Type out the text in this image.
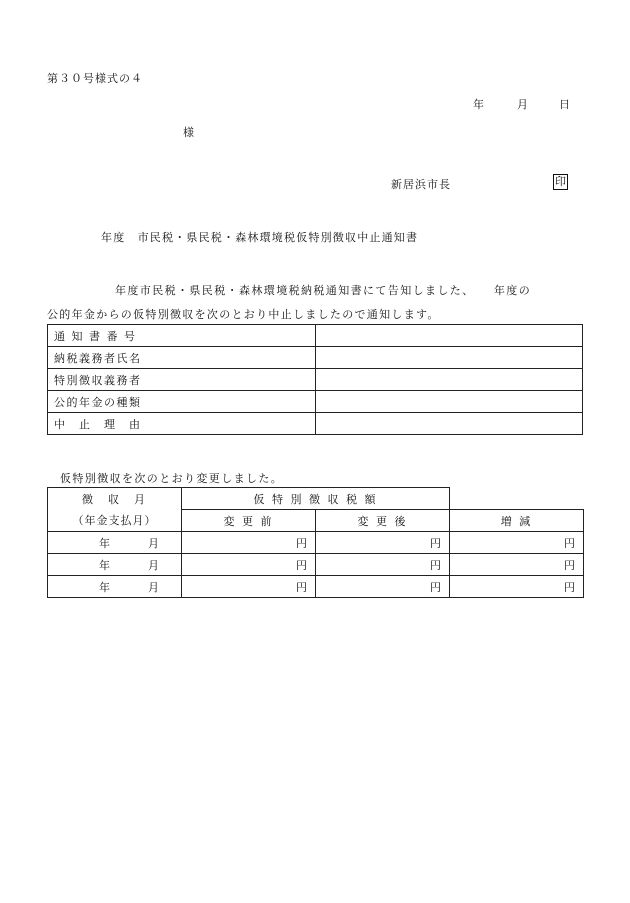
第３０号様式の４
年	月	日
様
新居浜市長	印
年度　市民税・県民税・森林環境税仮特別徴収中止通知書
年度市民税・県民税・森林環境税納税通知書にて告知しました、　　年度の
公的年金からの仮特別徴収を次のとおり中止しましたので通知します。
通 知 書 番 号	
納税義務者氏名	
特別徴収義務者	
公的年金の種類	
中　止　理　由	
仮特別徴収を次のとおり変更しました。
徴　収　月	仮 特 別 徴 収 税 額		
（年金支払月）	変 更 前	変 更 後	増 減
年 月	円	円	円
年 月	円	円	円
年 月	円	円	円
